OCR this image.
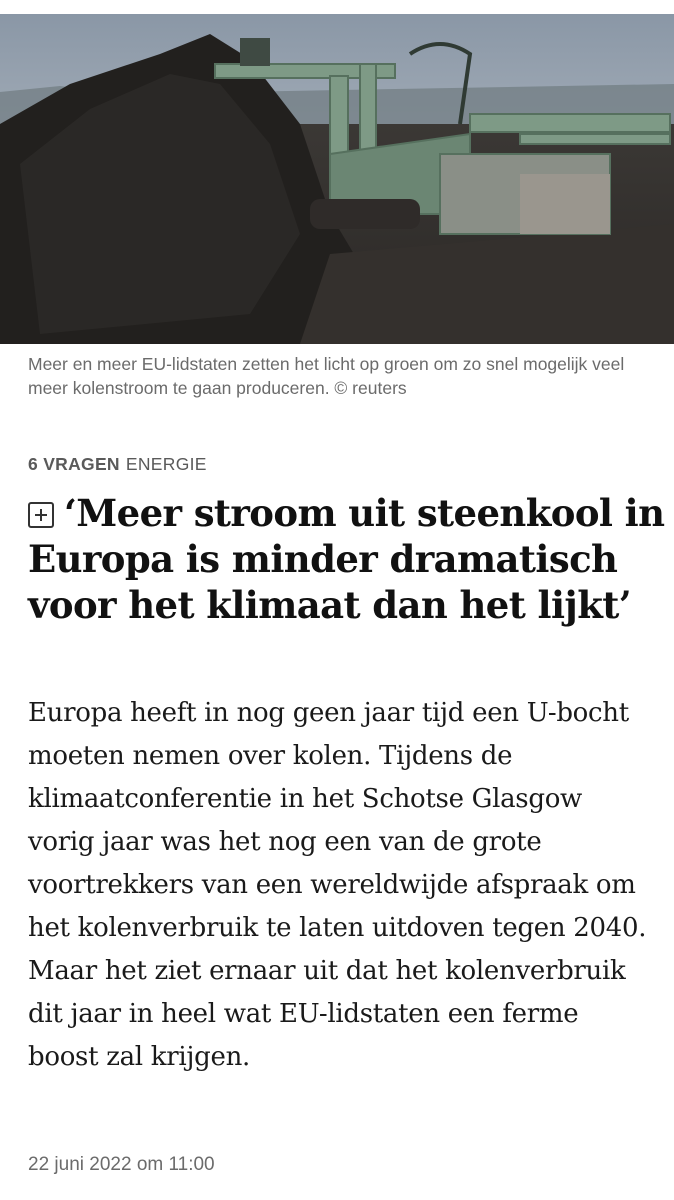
Meer en meer EU-lidstaten zetten het licht op groen om zo snel mogelijk veel meer kolenstroom te gaan produceren. © reuters
6 VRAGEN ENERGIE
‘Meer stroom uit steenkool in Europa is minder dramatisch voor het klimaat dan het lijkt’

Europa heeft in nog geen jaar tijd een U-bocht moeten nemen over kolen. Tijdens de klimaatconferentie in het Schotse Glasgow vorig jaar was het nog een van de grote voortrekkers van een wereldwijde afspraak om het kolenverbruik te laten uitdoven tegen 2040. Maar het ziet ernaar uit dat het kolenverbruik dit jaar in heel wat EU-lidstaten een ferme boost zal krijgen.

22 juni 2022 om 11:00
